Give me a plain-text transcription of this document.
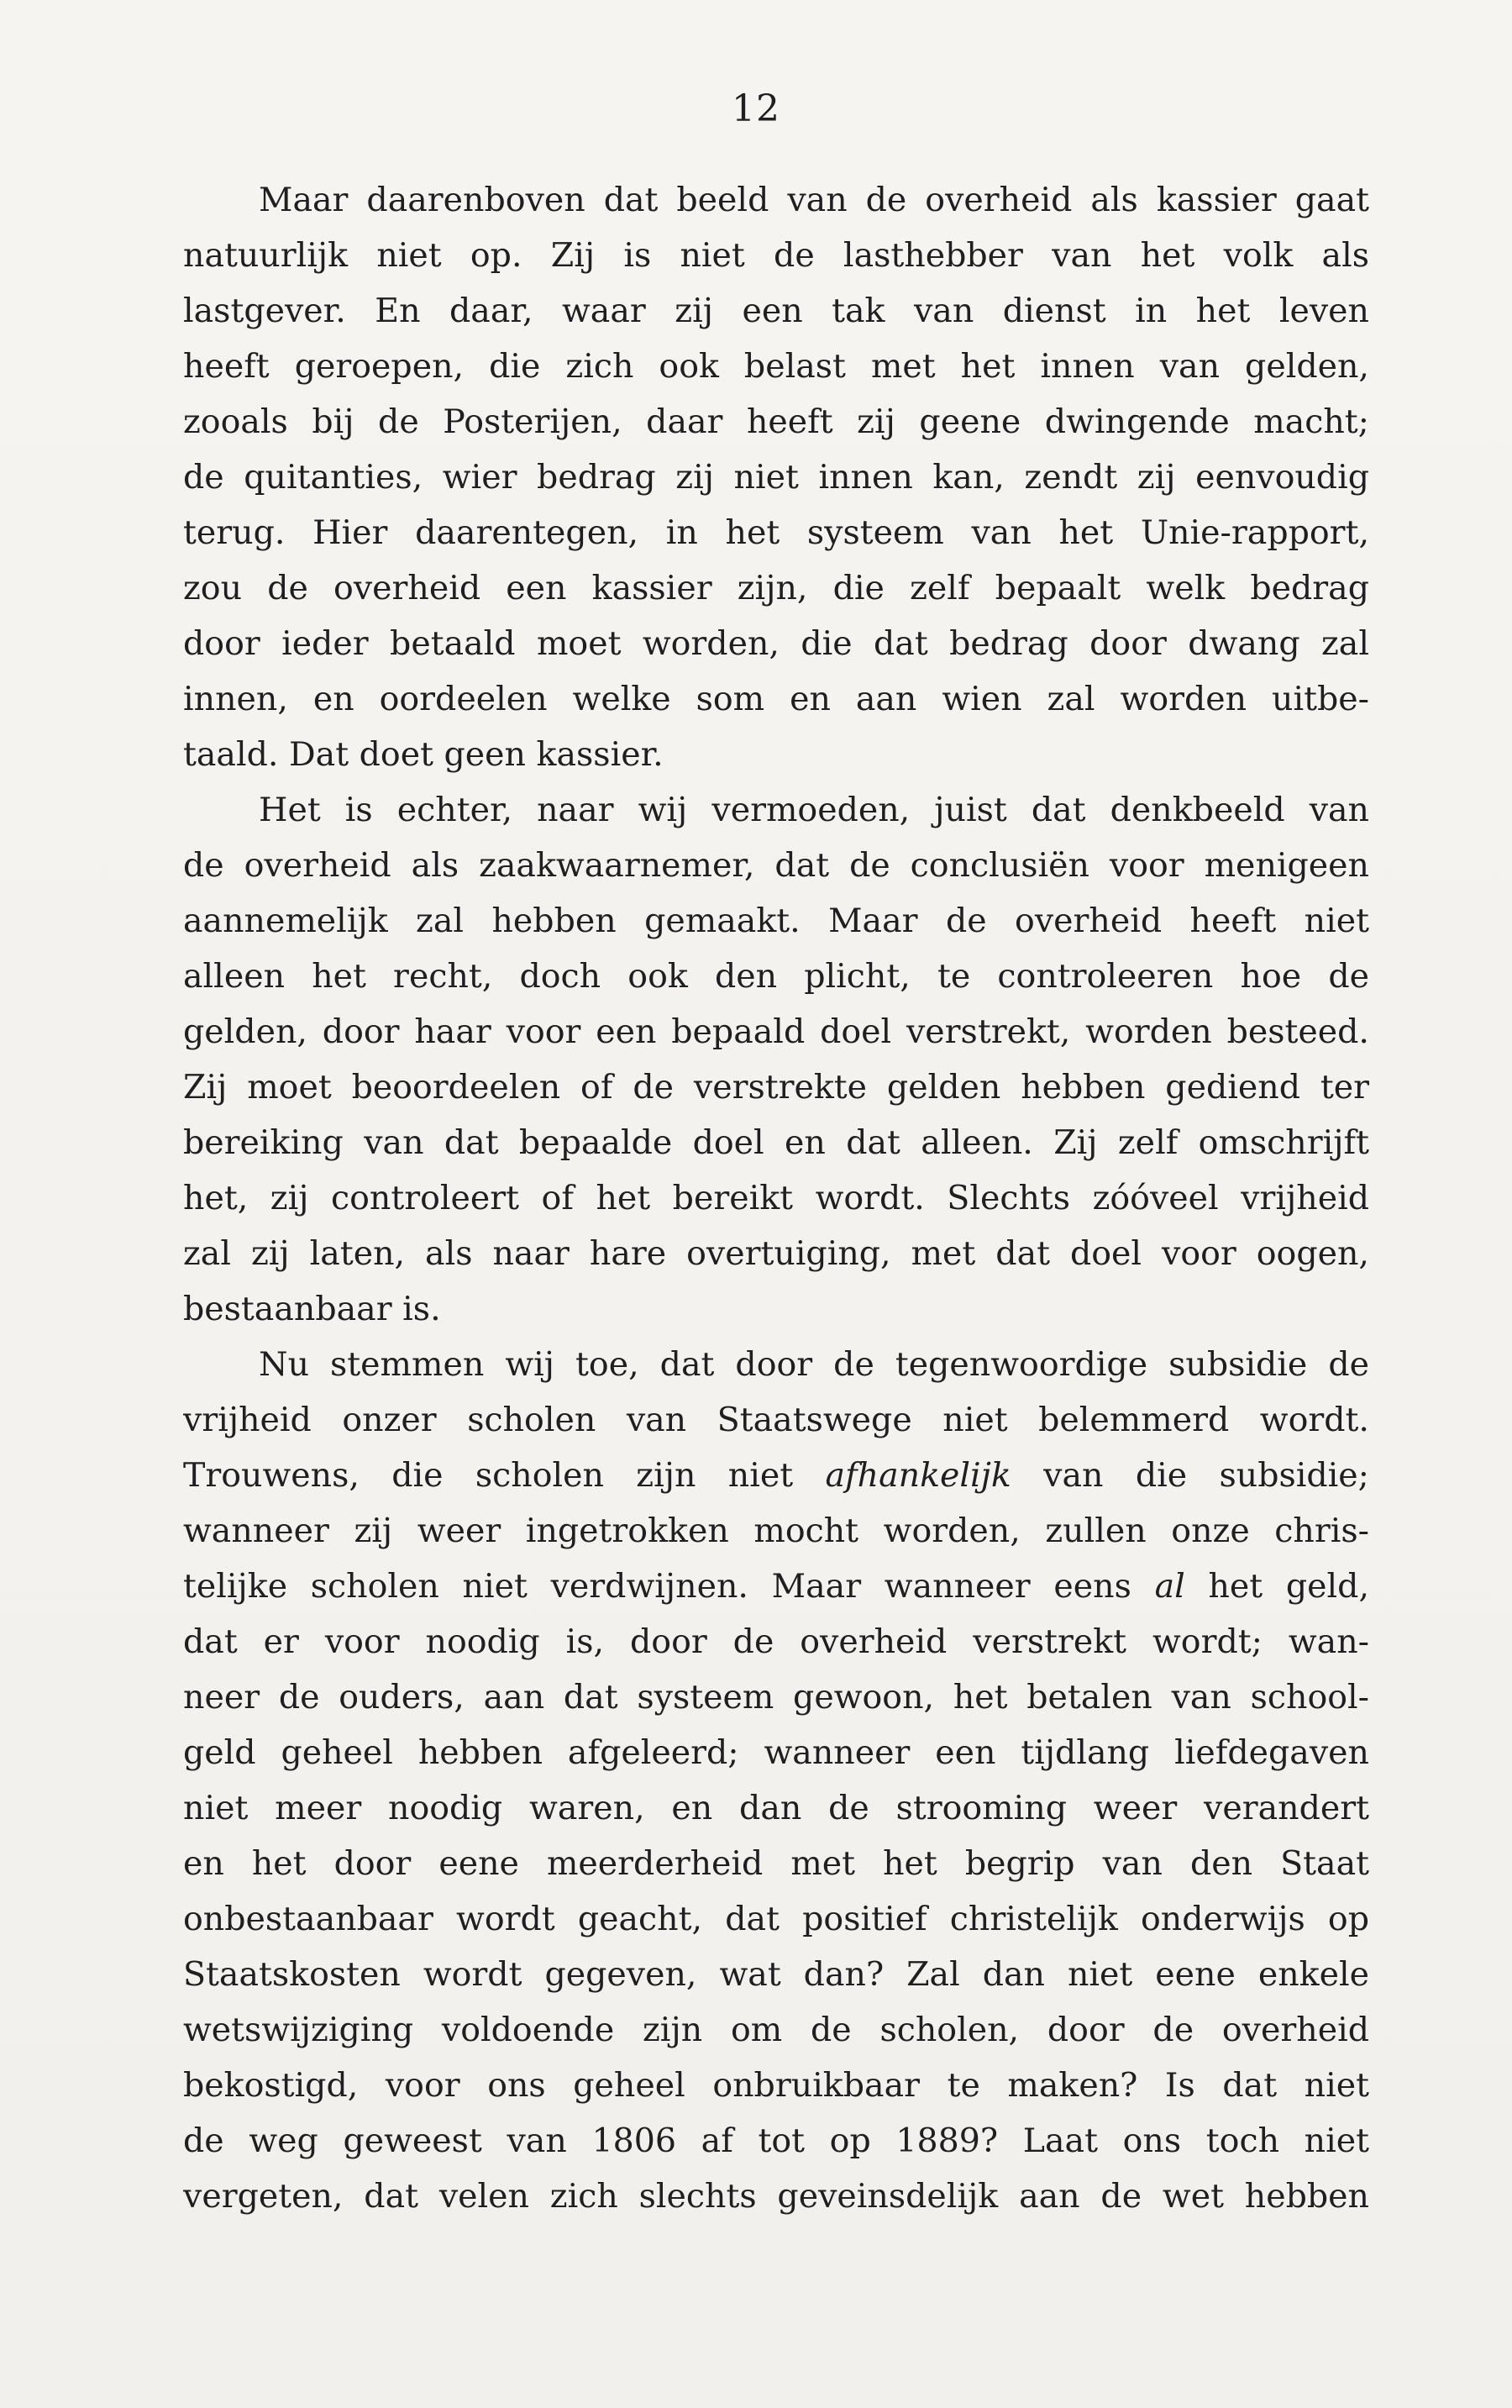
12
Maar daarenboven dat beeld van de overheid als kassier gaat
natuurlijk niet op. Zij is niet de lasthebber van het volk als
lastgever. En daar, waar zij een tak van dienst in het leven
heeft geroepen, die zich ook belast met het innen van gelden,
zooals bij de Posterijen, daar heeft zij geene dwingende macht;
de quitanties, wier bedrag zij niet innen kan, zendt zij eenvoudig
terug. Hier daarentegen, in het systeem van het Unie-rapport,
zou de overheid een kassier zijn, die zelf bepaalt welk bedrag
door ieder betaald moet worden, die dat bedrag door dwang zal
innen, en oordeelen welke som en aan wien zal worden uitbe-
taald. Dat doet geen kassier.
Het is echter, naar wij vermoeden, juist dat denkbeeld van
de overheid als zaakwaarnemer, dat de conclusiën voor menigeen
aannemelijk zal hebben gemaakt. Maar de overheid heeft niet
alleen het recht, doch ook den plicht, te controleeren hoe de
gelden, door haar voor een bepaald doel verstrekt, worden besteed.
Zij moet beoordeelen of de verstrekte gelden hebben gediend ter
bereiking van dat bepaalde doel en dat alleen. Zij zelf omschrijft
het, zij controleert of het bereikt wordt. Slechts zóóveel vrijheid
zal zij laten, als naar hare overtuiging, met dat doel voor oogen,
bestaanbaar is.
Nu stemmen wij toe, dat door de tegenwoordige subsidie de
vrijheid onzer scholen van Staatswege niet belemmerd wordt.
Trouwens, die scholen zijn niet afhankelijk van die subsidie;
wanneer zij weer ingetrokken mocht worden, zullen onze chris-
telijke scholen niet verdwijnen. Maar wanneer eens al het geld,
dat er voor noodig is, door de overheid verstrekt wordt; wan-
neer de ouders, aan dat systeem gewoon, het betalen van school-
geld geheel hebben afgeleerd; wanneer een tijdlang liefdegaven
niet meer noodig waren, en dan de strooming weer verandert
en het door eene meerderheid met het begrip van den Staat
onbestaanbaar wordt geacht, dat positief christelijk onderwijs op
Staatskosten wordt gegeven, wat dan? Zal dan niet eene enkele
wetswijziging voldoende zijn om de scholen, door de overheid
bekostigd, voor ons geheel onbruikbaar te maken? Is dat niet
de weg geweest van 1806 af tot op 1889? Laat ons toch niet
vergeten, dat velen zich slechts geveinsdelijk aan de wet hebben
